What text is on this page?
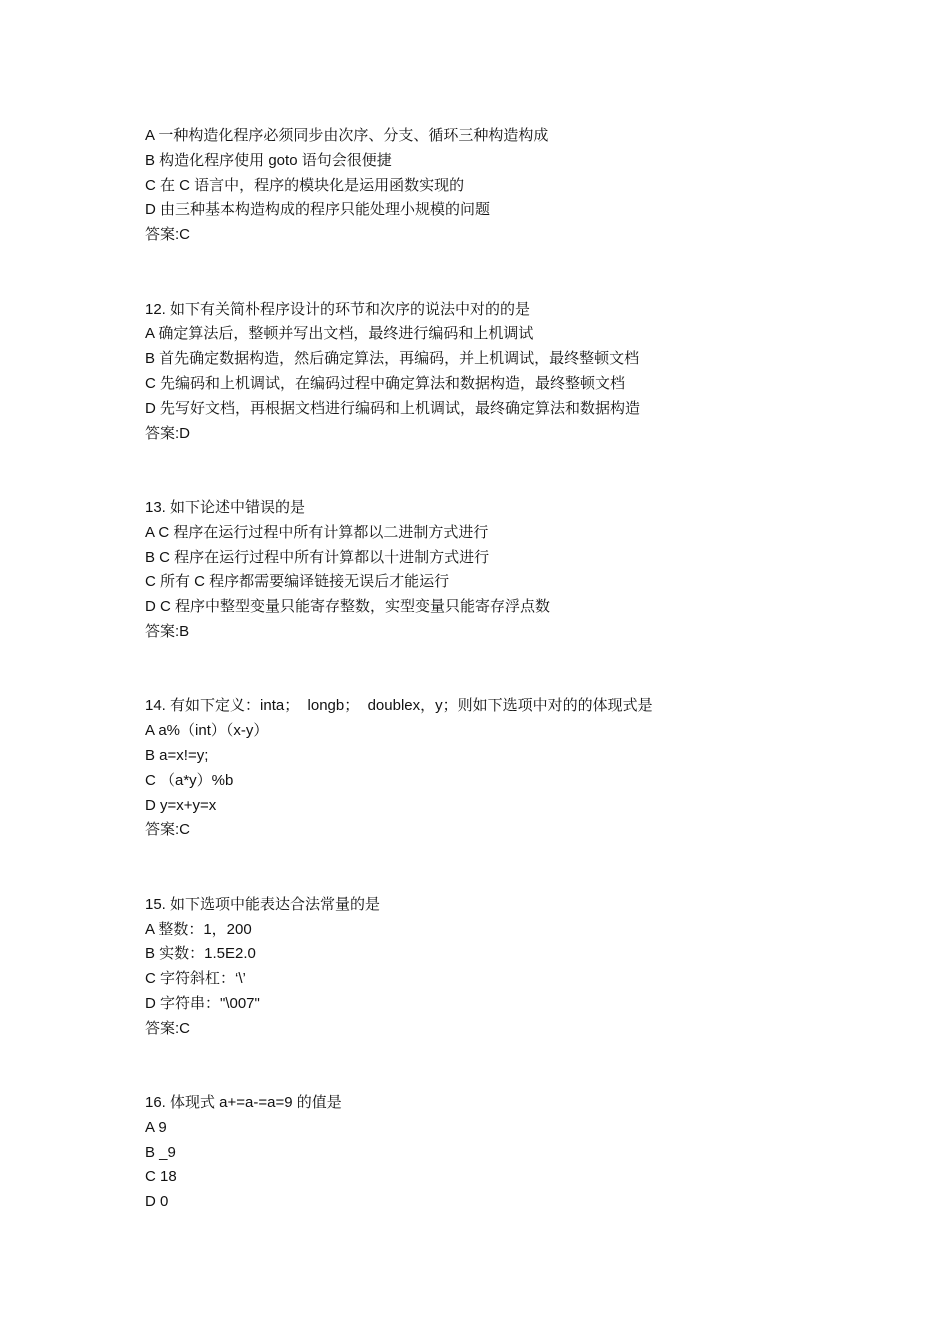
A 一种构造化程序必须同步由次序、分支、循环三种构造构成
B 构造化程序使用 goto 语句会很便捷
C 在 C 语言中，程序的模块化是运用函数实现的
D 由三种基本构造构成的程序只能处理小规模的问题
答案:C
12. 如下有关简朴程序设计的环节和次序的说法中对的的是
A 确定算法后，整顿并写出文档，最终进行编码和上机调试
B 首先确定数据构造，然后确定算法，再编码，并上机调试，最终整顿文档
C 先编码和上机调试，在编码过程中确定算法和数据构造，最终整顿文档
D 先写好文档，再根据文档进行编码和上机调试，最终确定算法和数据构造
答案:D
13. 如下论述中错误的是
A C 程序在运行过程中所有计算都以二进制方式进行
B C 程序在运行过程中所有计算都以十进制方式进行
C 所有 C 程序都需要编译链接无误后才能运行
D C 程序中整型变量只能寄存整数，实型变量只能寄存浮点数
答案:B
14. 有如下定义：inta；  longb；  doublex，y；则如下选项中对的的体现式是
A a%（int）（x-y）
B a=x!=y;
C （a*y）%b
D y=x+y=x
答案:C
15. 如下选项中能表达合法常量的是
A 整数：1，200
B 实数：1.5E2.0
C 字符斜杠：‘\’
D 字符串："\007"
答案:C
16. 体现式 a+=a-=a=9 的值是
A 9
B _9
C 18
D 0
